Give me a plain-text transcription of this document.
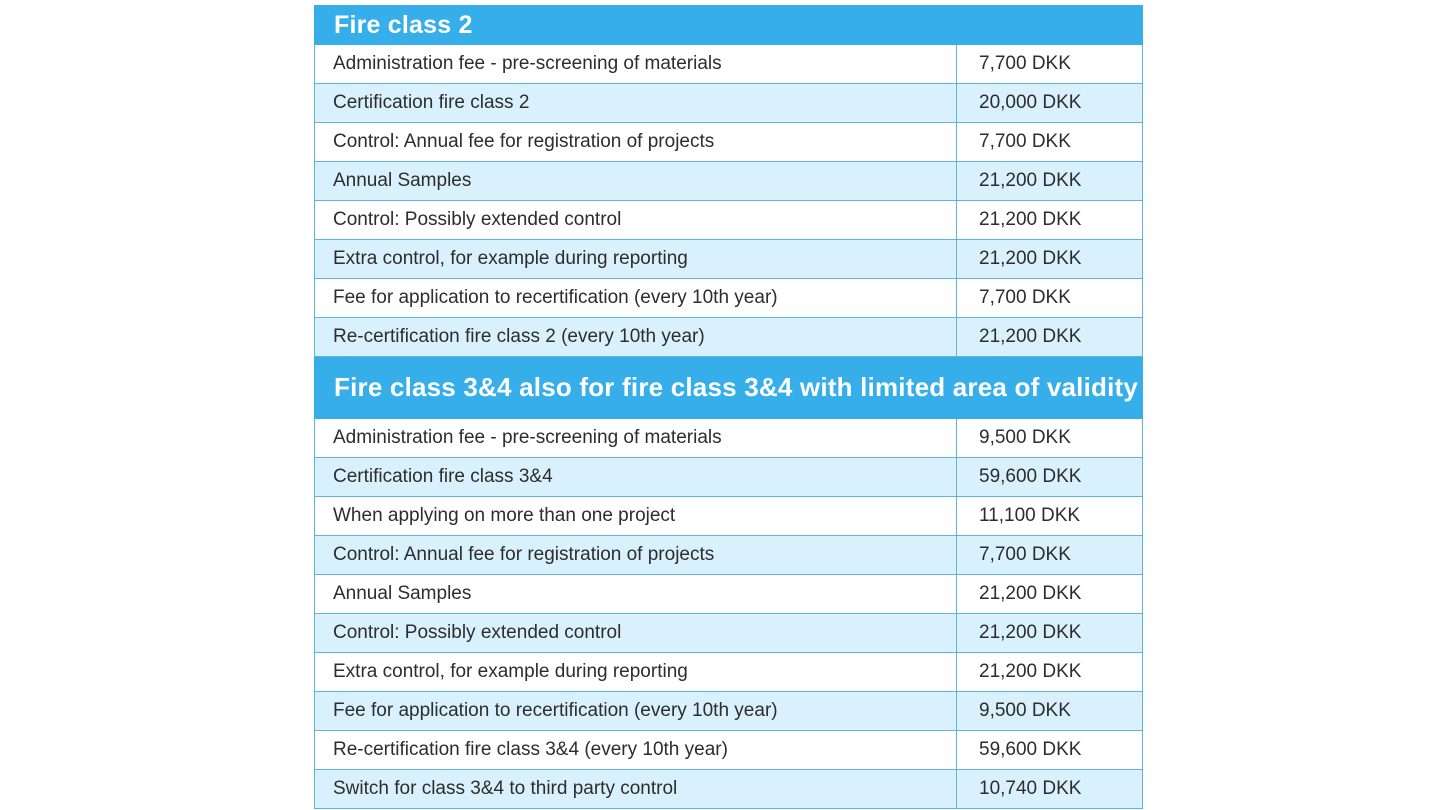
Fire class 2	
Administration fee - pre-screening of materials	7,700 DKK
Certification fire class 2	20,000 DKK
Control: Annual fee for registration of projects	7,700 DKK
Annual Samples	21,200 DKK
Control: Possibly extended control	21,200 DKK
Extra control, for example during reporting	21,200 DKK
Fee for application to recertification (every 10th year)	7,700 DKK
Re-certification fire class 2 (every 10th year)	21,200 DKK
Fire class 3&4 also for fire class 3&4 with limited area of validity	
Administration fee - pre-screening of materials	9,500 DKK
Certification fire class 3&4	59,600 DKK
When applying on more than one project	11,100 DKK
Control: Annual fee for registration of projects	7,700 DKK
Annual Samples	21,200 DKK
Control: Possibly extended control	21,200 DKK
Extra control, for example during reporting	21,200 DKK
Fee for application to recertification (every 10th year)	9,500 DKK
Re-certification fire class 3&4 (every 10th year)	59,600 DKK
Switch for class 3&4 to third party control	10,740 DKK
